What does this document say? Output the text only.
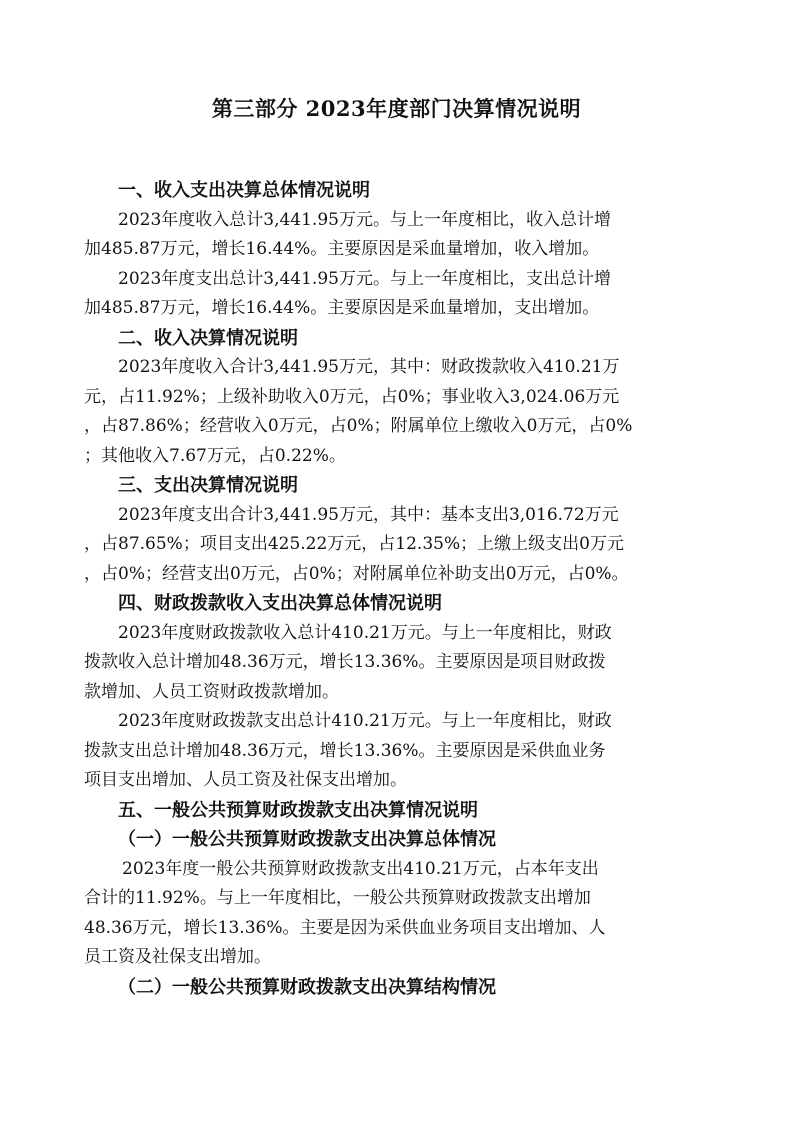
第三部分 2023年度部门决算情况说明
一、收入支出决算总体情况说明
2023年度收入总计3,441.95万元。与上一年度相比，收入总计增
加485.87万元，增长16.44%。主要原因是采血量增加，收入增加。
2023年度支出总计3,441.95万元。与上一年度相比，支出总计增
加485.87万元，增长16.44%。主要原因是采血量增加，支出增加。
二、收入决算情况说明
2023年度收入合计3,441.95万元，其中：财政拨款收入410.21万
元，占11.92%；上级补助收入0万元，占0%；事业收入3,024.06万元
，占87.86%；经营收入0万元，占0%；附属单位上缴收入0万元，占0%
；其他收入7.67万元，占0.22%。
三、支出决算情况说明
2023年度支出合计3,441.95万元，其中：基本支出3,016.72万元
，占87.65%；项目支出425.22万元，占12.35%；上缴上级支出0万元
，占0%；经营支出0万元，占0%；对附属单位补助支出0万元，占0%。
四、财政拨款收入支出决算总体情况说明
2023年度财政拨款收入总计410.21万元。与上一年度相比，财政
拨款收入总计增加48.36万元，增长13.36%。主要原因是项目财政拨
款增加、人员工资财政拨款增加。
2023年度财政拨款支出总计410.21万元。与上一年度相比，财政
拨款支出总计增加48.36万元，增长13.36%。主要原因是采供血业务
项目支出增加、人员工资及社保支出增加。
五、一般公共预算财政拨款支出决算情况说明
（一）一般公共预算财政拨款支出决算总体情况
2023年度一般公共预算财政拨款支出410.21万元，占本年支出
合计的11.92%。与上一年度相比，一般公共预算财政拨款支出增加
48.36万元，增长13.36%。主要是因为采供血业务项目支出增加、人
员工资及社保支出增加。
（二）一般公共预算财政拨款支出决算结构情况
